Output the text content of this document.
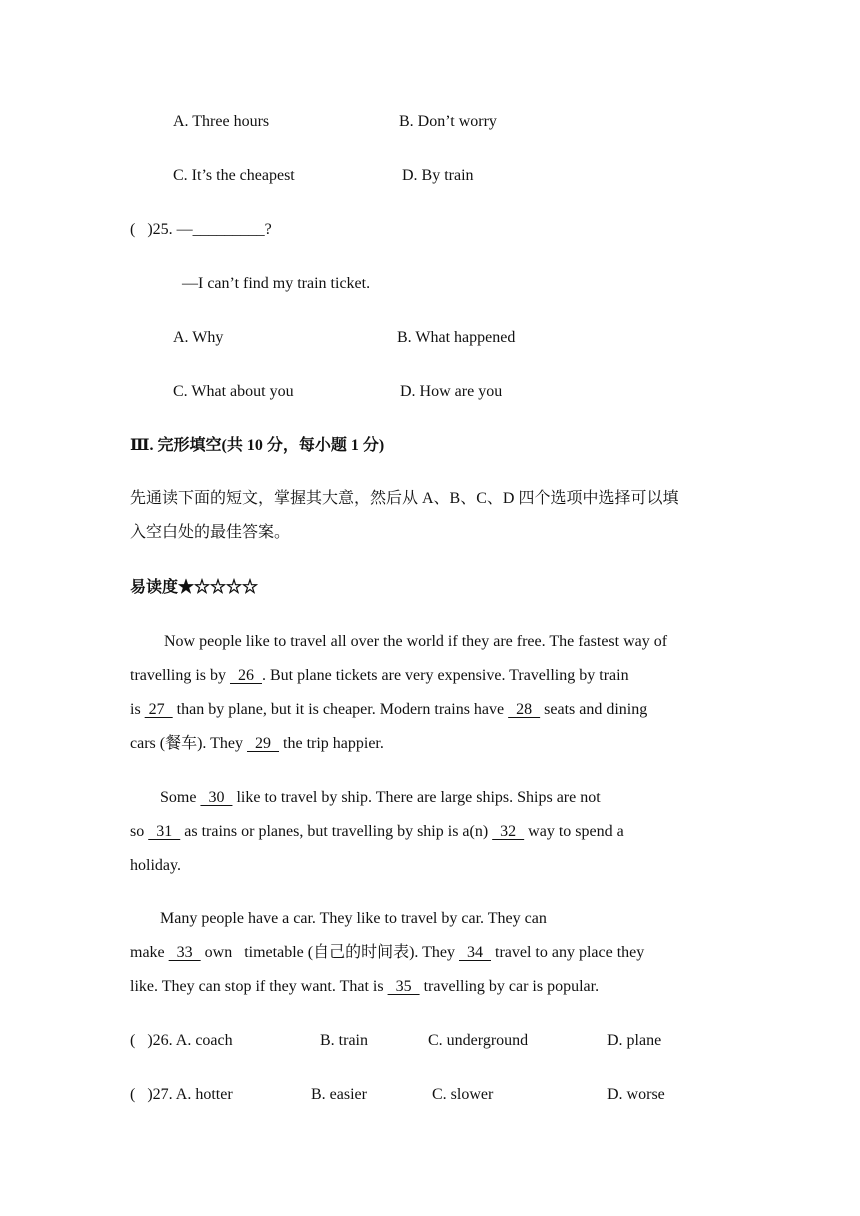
A. Three hours	B. Don’t worry
C. It’s the cheapest	D. By train
(   )25. —_________?
—I can’t find my train ticket.
A. Why	B. What happened
C. What about you	D. How are you
Ⅲ. 完形填空(共 10 分，每小题 1 分)
先通读下面的短文，掌握其大意，然后从 A、B、C、D 四个选项中选择可以填
入空白处的最佳答案。
易读度★☆☆☆☆
Now people like to travel all over the world if they are free. The fastest way of
travelling is by   26  . But plane tickets are very expensive. Travelling by train
is  27   than by plane, but it is cheaper. Modern trains have   28   seats and dining
cars (餐车). They   29   the trip happier.
Some   30   like to travel by ship. There are large ships. Ships are not
so   31   as trains or planes, but travelling by ship is a(n)   32   way to spend a
holiday.
Many people have a car. They like to travel by car. They can
make   33   own   timetable (自己的时间表). They   34   travel to any place they
like. They can stop if they want. That is   35   travelling by car is popular.
(   )26. A. coach	B. train	C. underground	D. plane
(   )27. A. hotter	B. easier	C. slower	D. worse
